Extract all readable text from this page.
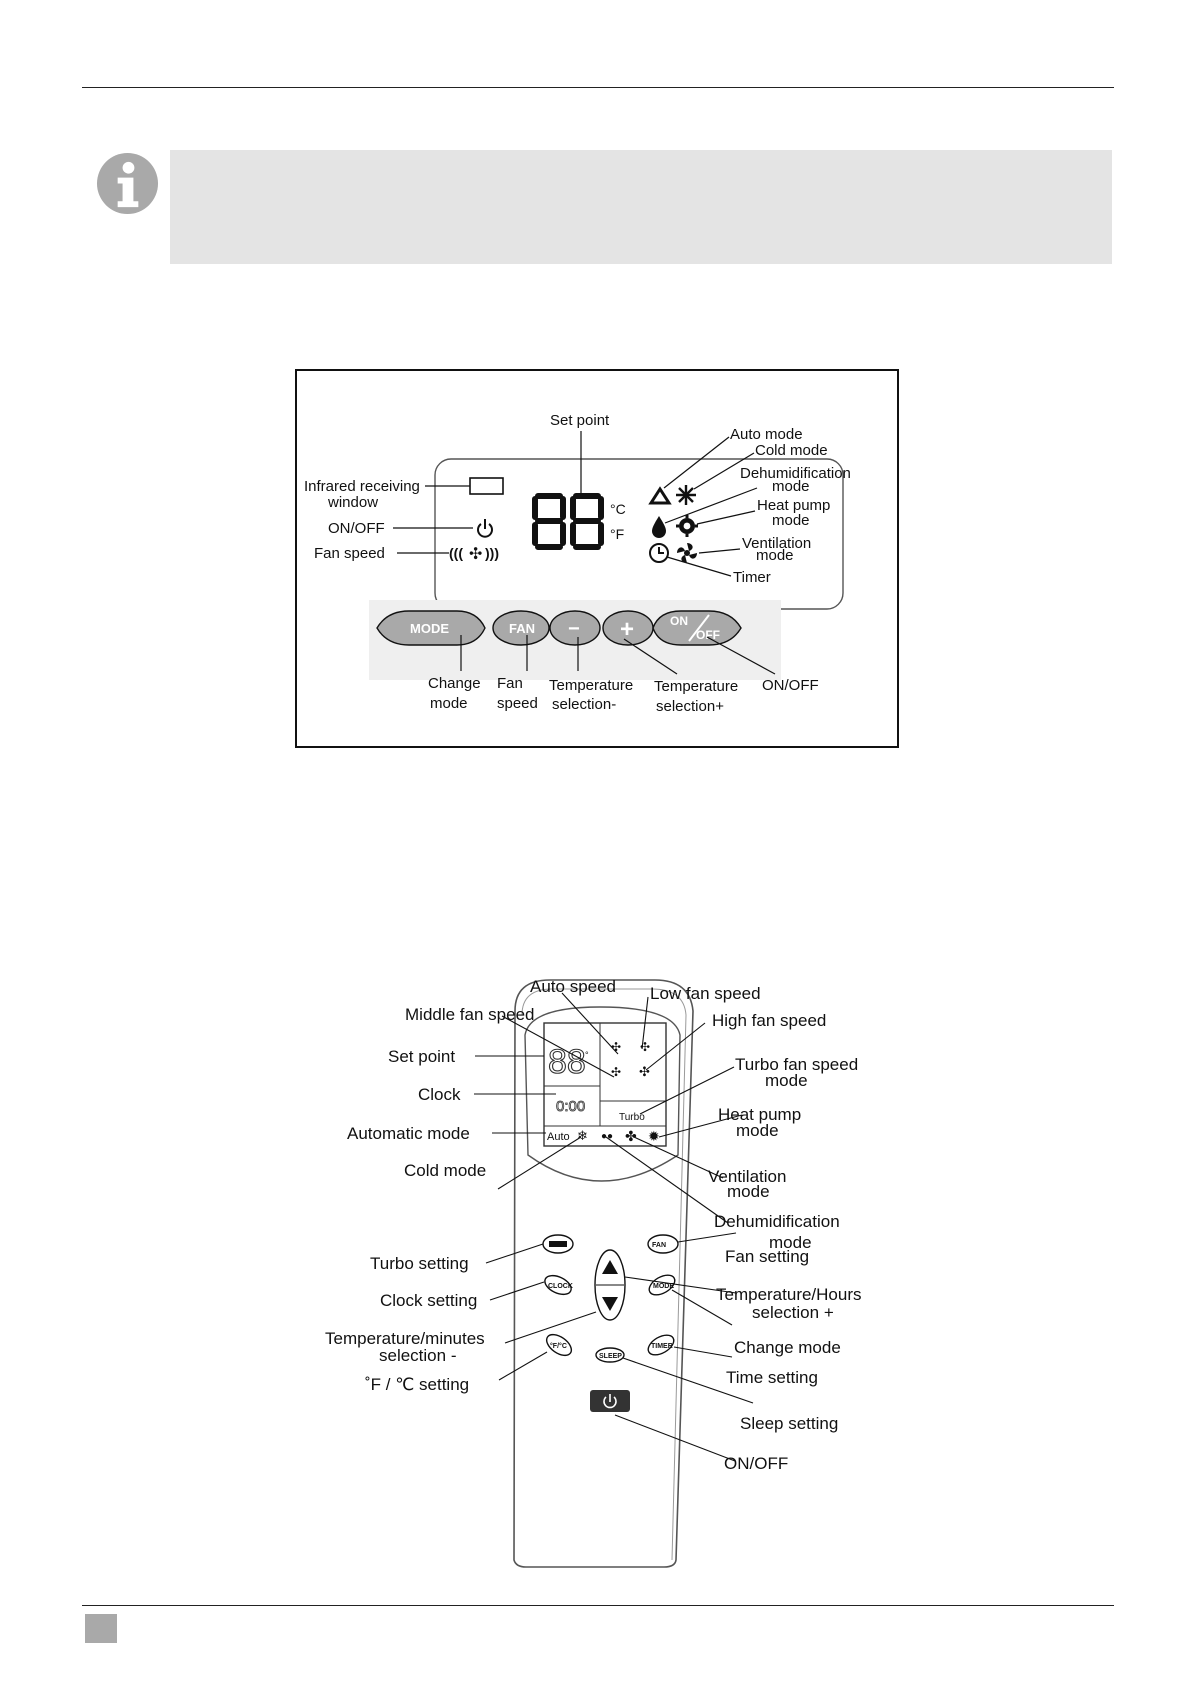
Infrared receiving
window
ON/OFF
((( ✣ )))
Fan speed
°C
°F
Set point
Auto mode
Cold mode
Dehumidification
mode
Heat pump
mode
Ventilation
mode
Timer
MODE	FAN − +	ON
OFF
Change
mode
Fan
speed
Temperature
selection-
Temperature
selection+
ON/OFF
88 °
0:00
Turbo
Auto
✣ ✣
✣ ✣
❄ ●● ✤ ✹
FAN
CLOCK	MODE
°F/°C	TIMER
SLEEP
Auto speed Low fan speed
Middle fan speed	High fan speed
Turbo fan speed
mode
Set point
Heat pump
mode
Clock
Automatic mode
Ventilation
mode
Cold mode
Dehumidification
mode
Turbo setting	Fan setting
Clock setting	Temperature/Hours
selection +
Temperature/minutes
selection -	Change mode
˚F / ℃ setting	Time setting
Sleep setting
ON/OFF
